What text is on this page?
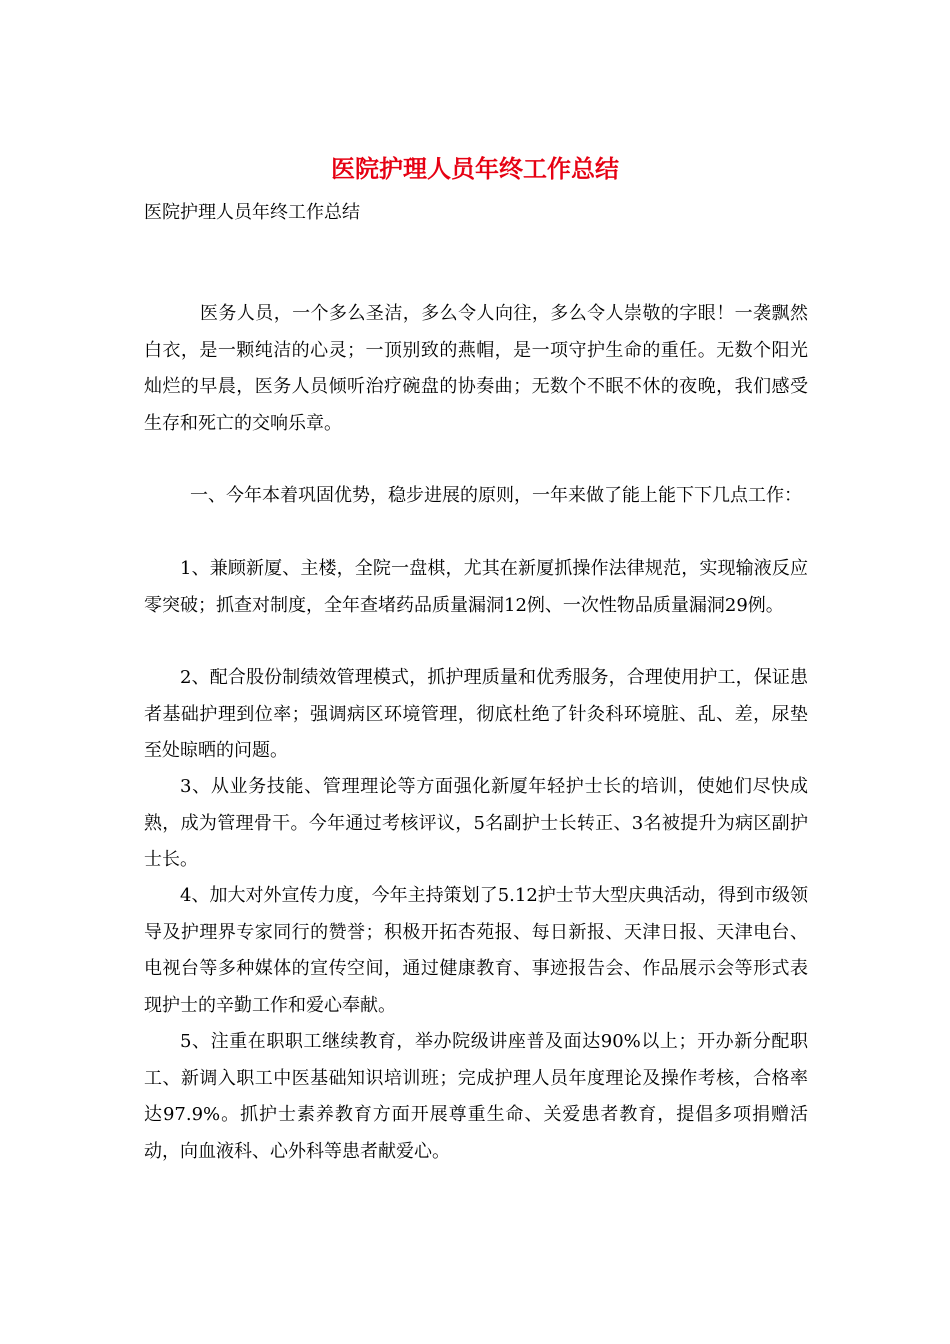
医院护理人员年终工作总结
医院护理人员年终工作总结

医务人员，一个多么圣洁，多么令人向往，多么令人崇敬的字眼！一袭飘然白衣，是一颗纯洁的心灵；一顶别致的燕帽，是一项守护生命的重任。无数个阳光灿烂的早晨，医务人员倾听治疗碗盘的协奏曲；无数个不眠不休的夜晚，我们感受生存和死亡的交响乐章。

一、今年本着巩固优势，稳步进展的原则，一年来做了能上能下下几点工作：

1、兼顾新厦、主楼，全院一盘棋，尤其在新厦抓操作法律规范，实现输液反应零突破；抓查对制度，全年查堵药品质量漏洞12例、一次性物品质量漏洞29例。

2、配合股份制绩效管理模式，抓护理质量和优秀服务，合理使用护工，保证患者基础护理到位率；强调病区环境管理，彻底杜绝了针灸科环境脏、乱、差，尿垫至处晾晒的问题。

3、从业务技能、管理理论等方面强化新厦年轻护士长的培训，使她们尽快成熟，成为管理骨干。今年通过考核评议，5名副护士长转正、3名被提升为病区副护士长。

4、加大对外宣传力度，今年主持策划了5.12护士节大型庆典活动，得到市级领导及护理界专家同行的赞誉；积极开拓杏苑报、每日新报、天津日报、天津电台、电视台等多种媒体的宣传空间，通过健康教育、事迹报告会、作品展示会等形式表现护士的辛勤工作和爱心奉献。

5、注重在职职工继续教育，举办院级讲座普及面达90%以上；开办新分配职工、新调入职工中医基础知识培训班；完成护理人员年度理论及操作考核，合格率达97.9%。抓护士素养教育方面开展尊重生命、关爱患者教育，提倡多项捐赠活动，向血液科、心外科等患者献爱心。
